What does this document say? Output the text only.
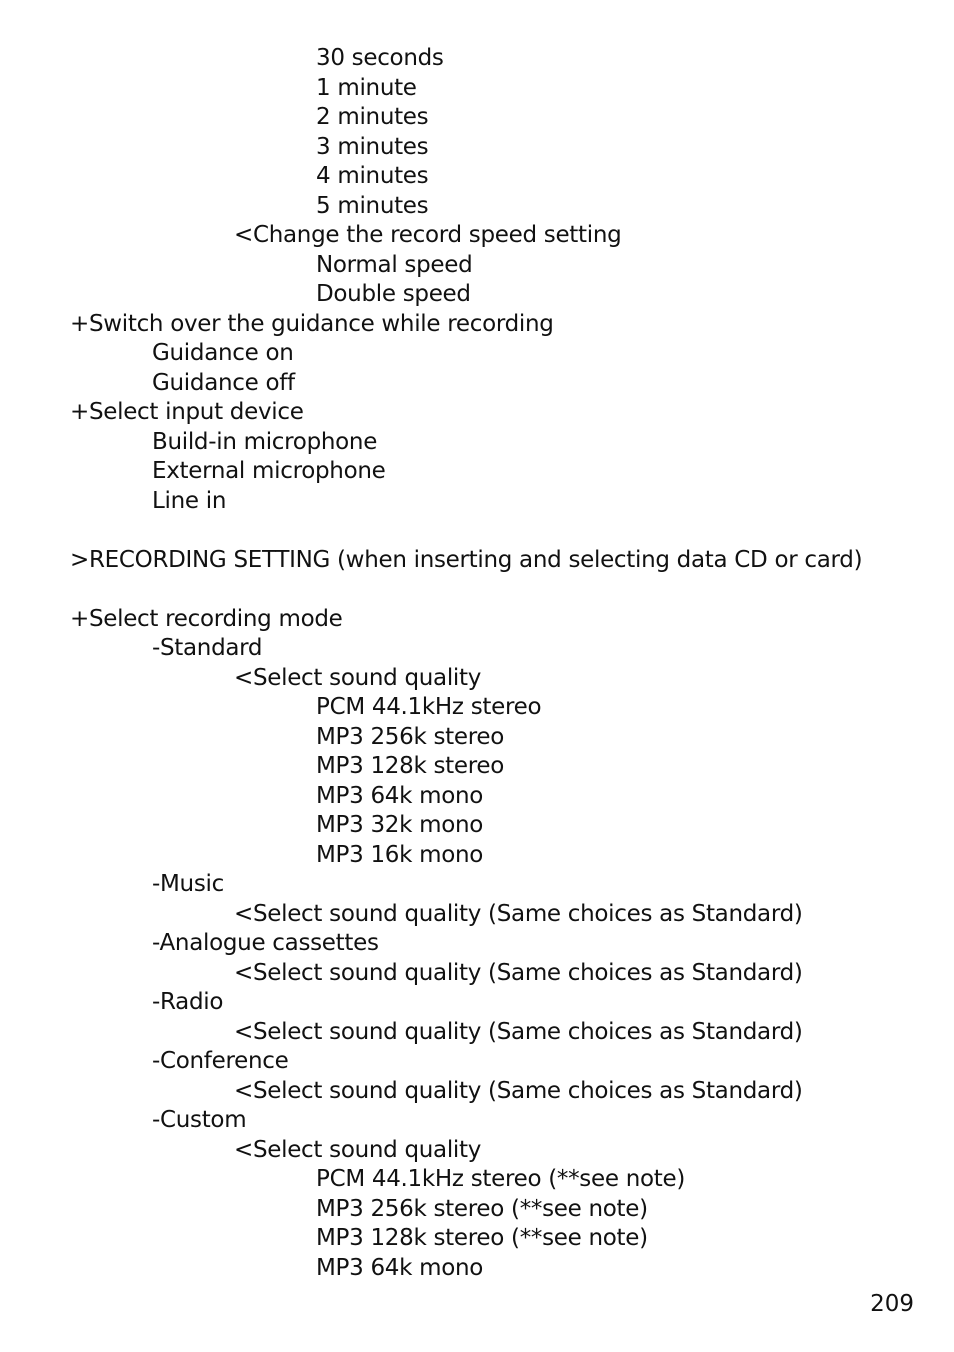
30 seconds
1 minute
2 minutes
3 minutes
4 minutes
5 minutes
<Change the record speed setting
Normal speed
Double speed
+Switch over the guidance while recording
Guidance on
Guidance off
+Select input device
Build-in microphone
External microphone
Line in
>RECORDING SETTING (when inserting and selecting data CD or card)
+Select recording mode
-Standard
<Select sound quality
PCM 44.1kHz stereo
MP3 256k stereo
MP3 128k stereo
MP3 64k mono
MP3 32k mono
MP3 16k mono
-Music
<Select sound quality (Same choices as Standard)
-Analogue cassettes
<Select sound quality (Same choices as Standard)
-Radio
<Select sound quality (Same choices as Standard)
-Conference
<Select sound quality (Same choices as Standard)
-Custom
<Select sound quality
PCM 44.1kHz stereo (**see note)
MP3 256k stereo (**see note)
MP3 128k stereo (**see note)
MP3 64k mono
209
